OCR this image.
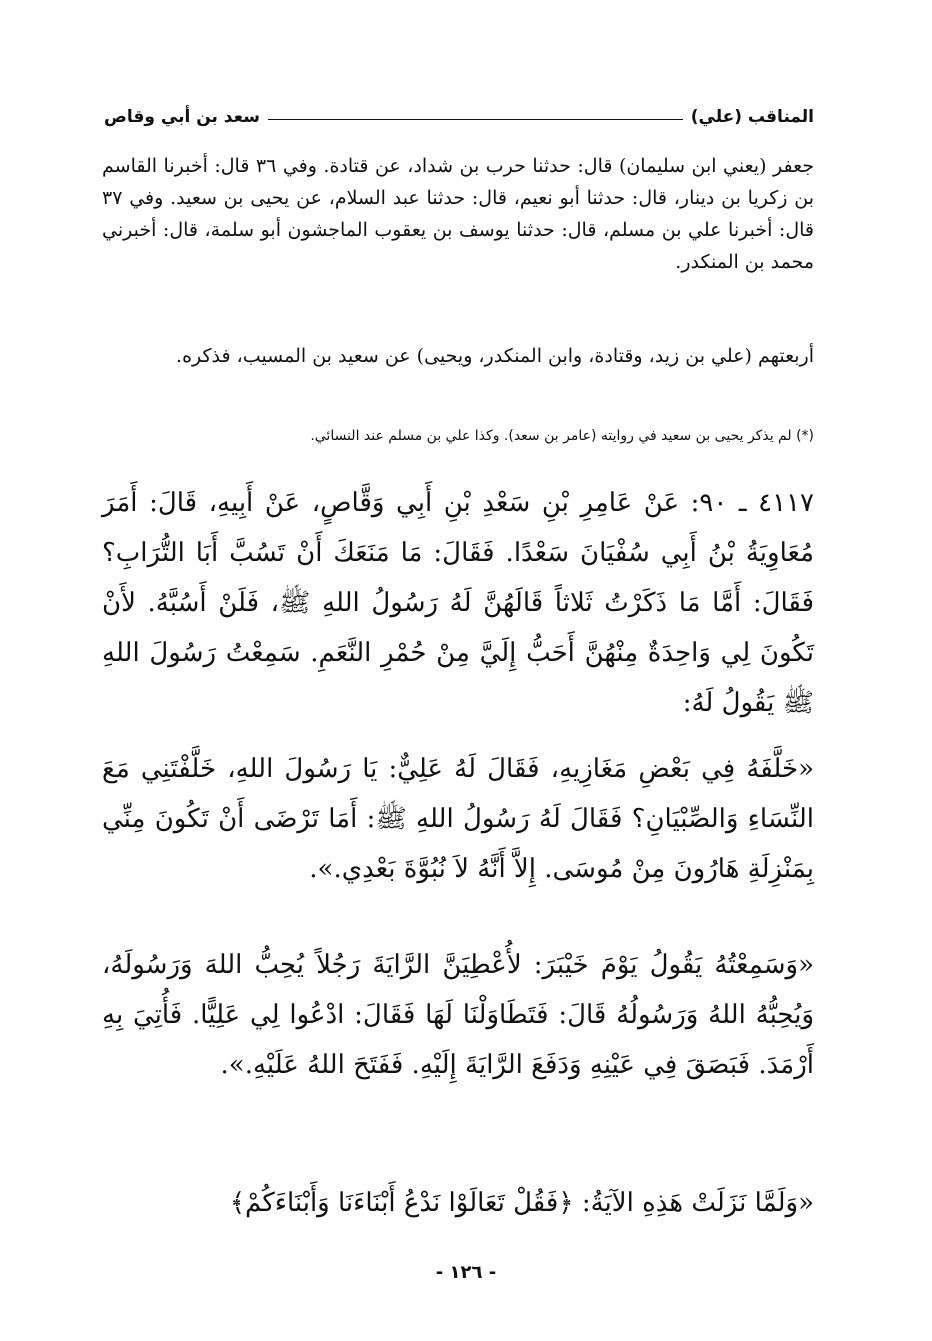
المناقب (علي)
سعد بن أبي وقاص
جعفر (يعني ابن سليمان) قال: حدثنا حرب بن شداد، عن قتادة. وفي ٣٦ قال: أخبرنا القاسم بن زكريا بن دينار، قال: حدثنا أبو نعيم، قال: حدثنا عبد السلام، عن يحيى بن سعيد. وفي ٣٧ قال: أخبرنا علي بن مسلم، قال: حدثنا يوسف بن يعقوب الماجشون أبو سلمة، قال: أخبرني محمد بن المنكدر.
أربعتهم (علي بن زيد، وقتادة، وابن المنكدر، ويحيى) عن سعيد بن المسيب، فذكره.
(*) لم يذكر يحيى بن سعيد في روايته (عامر بن سعد). وكذا علي بن مسلم عند النسائي.
٤١١٧ ـ ٩٠: عَنْ عَامِرِ بْنِ سَعْدِ بْنِ أَبِي وَقَّاصٍ، عَنْ أَبِيهِ، قَالَ: أَمَرَ مُعَاوِيَةُ بْنُ أَبِي سُفْيَانَ سَعْدًا. فَقَالَ: مَا مَنَعَكَ أَنْ تَسُبَّ أَبَا التُّرَابِ؟ فَقَالَ: أَمَّا مَا ذَكَرْتُ ثَلاثاً قَالَهُنَّ لَهُ رَسُولُ اللهِ ﷺ، فَلَنْ أَسُبَّهُ. لأَنْ تَكُونَ لِي وَاحِدَةٌ مِنْهُنَّ أَحَبُّ إِلَيَّ مِنْ حُمْرِ النَّعَمِ. سَمِعْتُ رَسُولَ اللهِ ﷺ يَقُولُ لَهُ:
«خَلَّفَهُ فِي بَعْضِ مَغَازِيهِ، فَقَالَ لَهُ عَلِيٌّ: يَا رَسُولَ اللهِ، خَلَّفْتَنِي مَعَ النِّسَاءِ وَالصِّبْيَانِ؟ فَقَالَ لَهُ رَسُولُ اللهِ ﷺ: أَمَا تَرْضَى أَنْ تَكُونَ مِنِّي بِمَنْزِلَةِ هَارُونَ مِنْ مُوسَى. إِلاَّ أَنَّهُ لاَ نُبُوَّةَ بَعْدِي.».
«وَسَمِعْتُهُ يَقُولُ يَوْمَ خَيْبَرَ: لأُعْطِيَنَّ الرَّايَةَ رَجُلاً يُحِبُّ اللهَ وَرَسُولَهُ، وَيُحِبُّهُ اللهُ وَرَسُولُهُ قَالَ: فَتَطَاوَلْنَا لَهَا فَقَالَ: ادْعُوا لِي عَلِيًّا. فَأُتِيَ بِهِ أَرْمَدَ. فَبَصَقَ فِي عَيْنِهِ وَدَفَعَ الرَّايَةَ إِلَيْهِ. فَفَتَحَ اللهُ عَلَيْهِ.».
«وَلَمَّا نَزَلَتْ هَذِهِ الآيَةُ: ﴿فَقُلْ تَعَالَوْا نَدْعُ أَبْنَاءَنَا وَأَبْنَاءَكُمْ﴾
- ١٢٦ -
